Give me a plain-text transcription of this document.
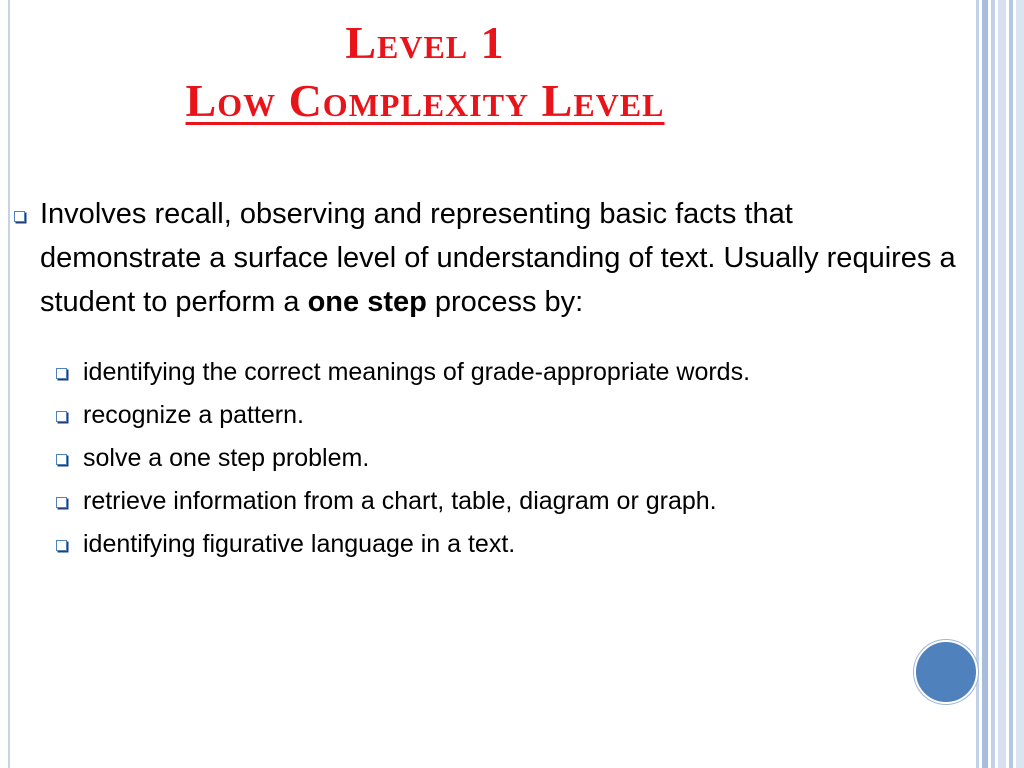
Level 1
Low Complexity Level
Involves recall, observing and representing basic facts that demonstrate a surface level of understanding of text. Usually requires a student to perform a one step process by:
identifying the correct meanings of grade-appropriate words.
recognize a pattern.
solve a one step problem.
retrieve information from a chart, table, diagram or graph.
identifying figurative language in a text.
